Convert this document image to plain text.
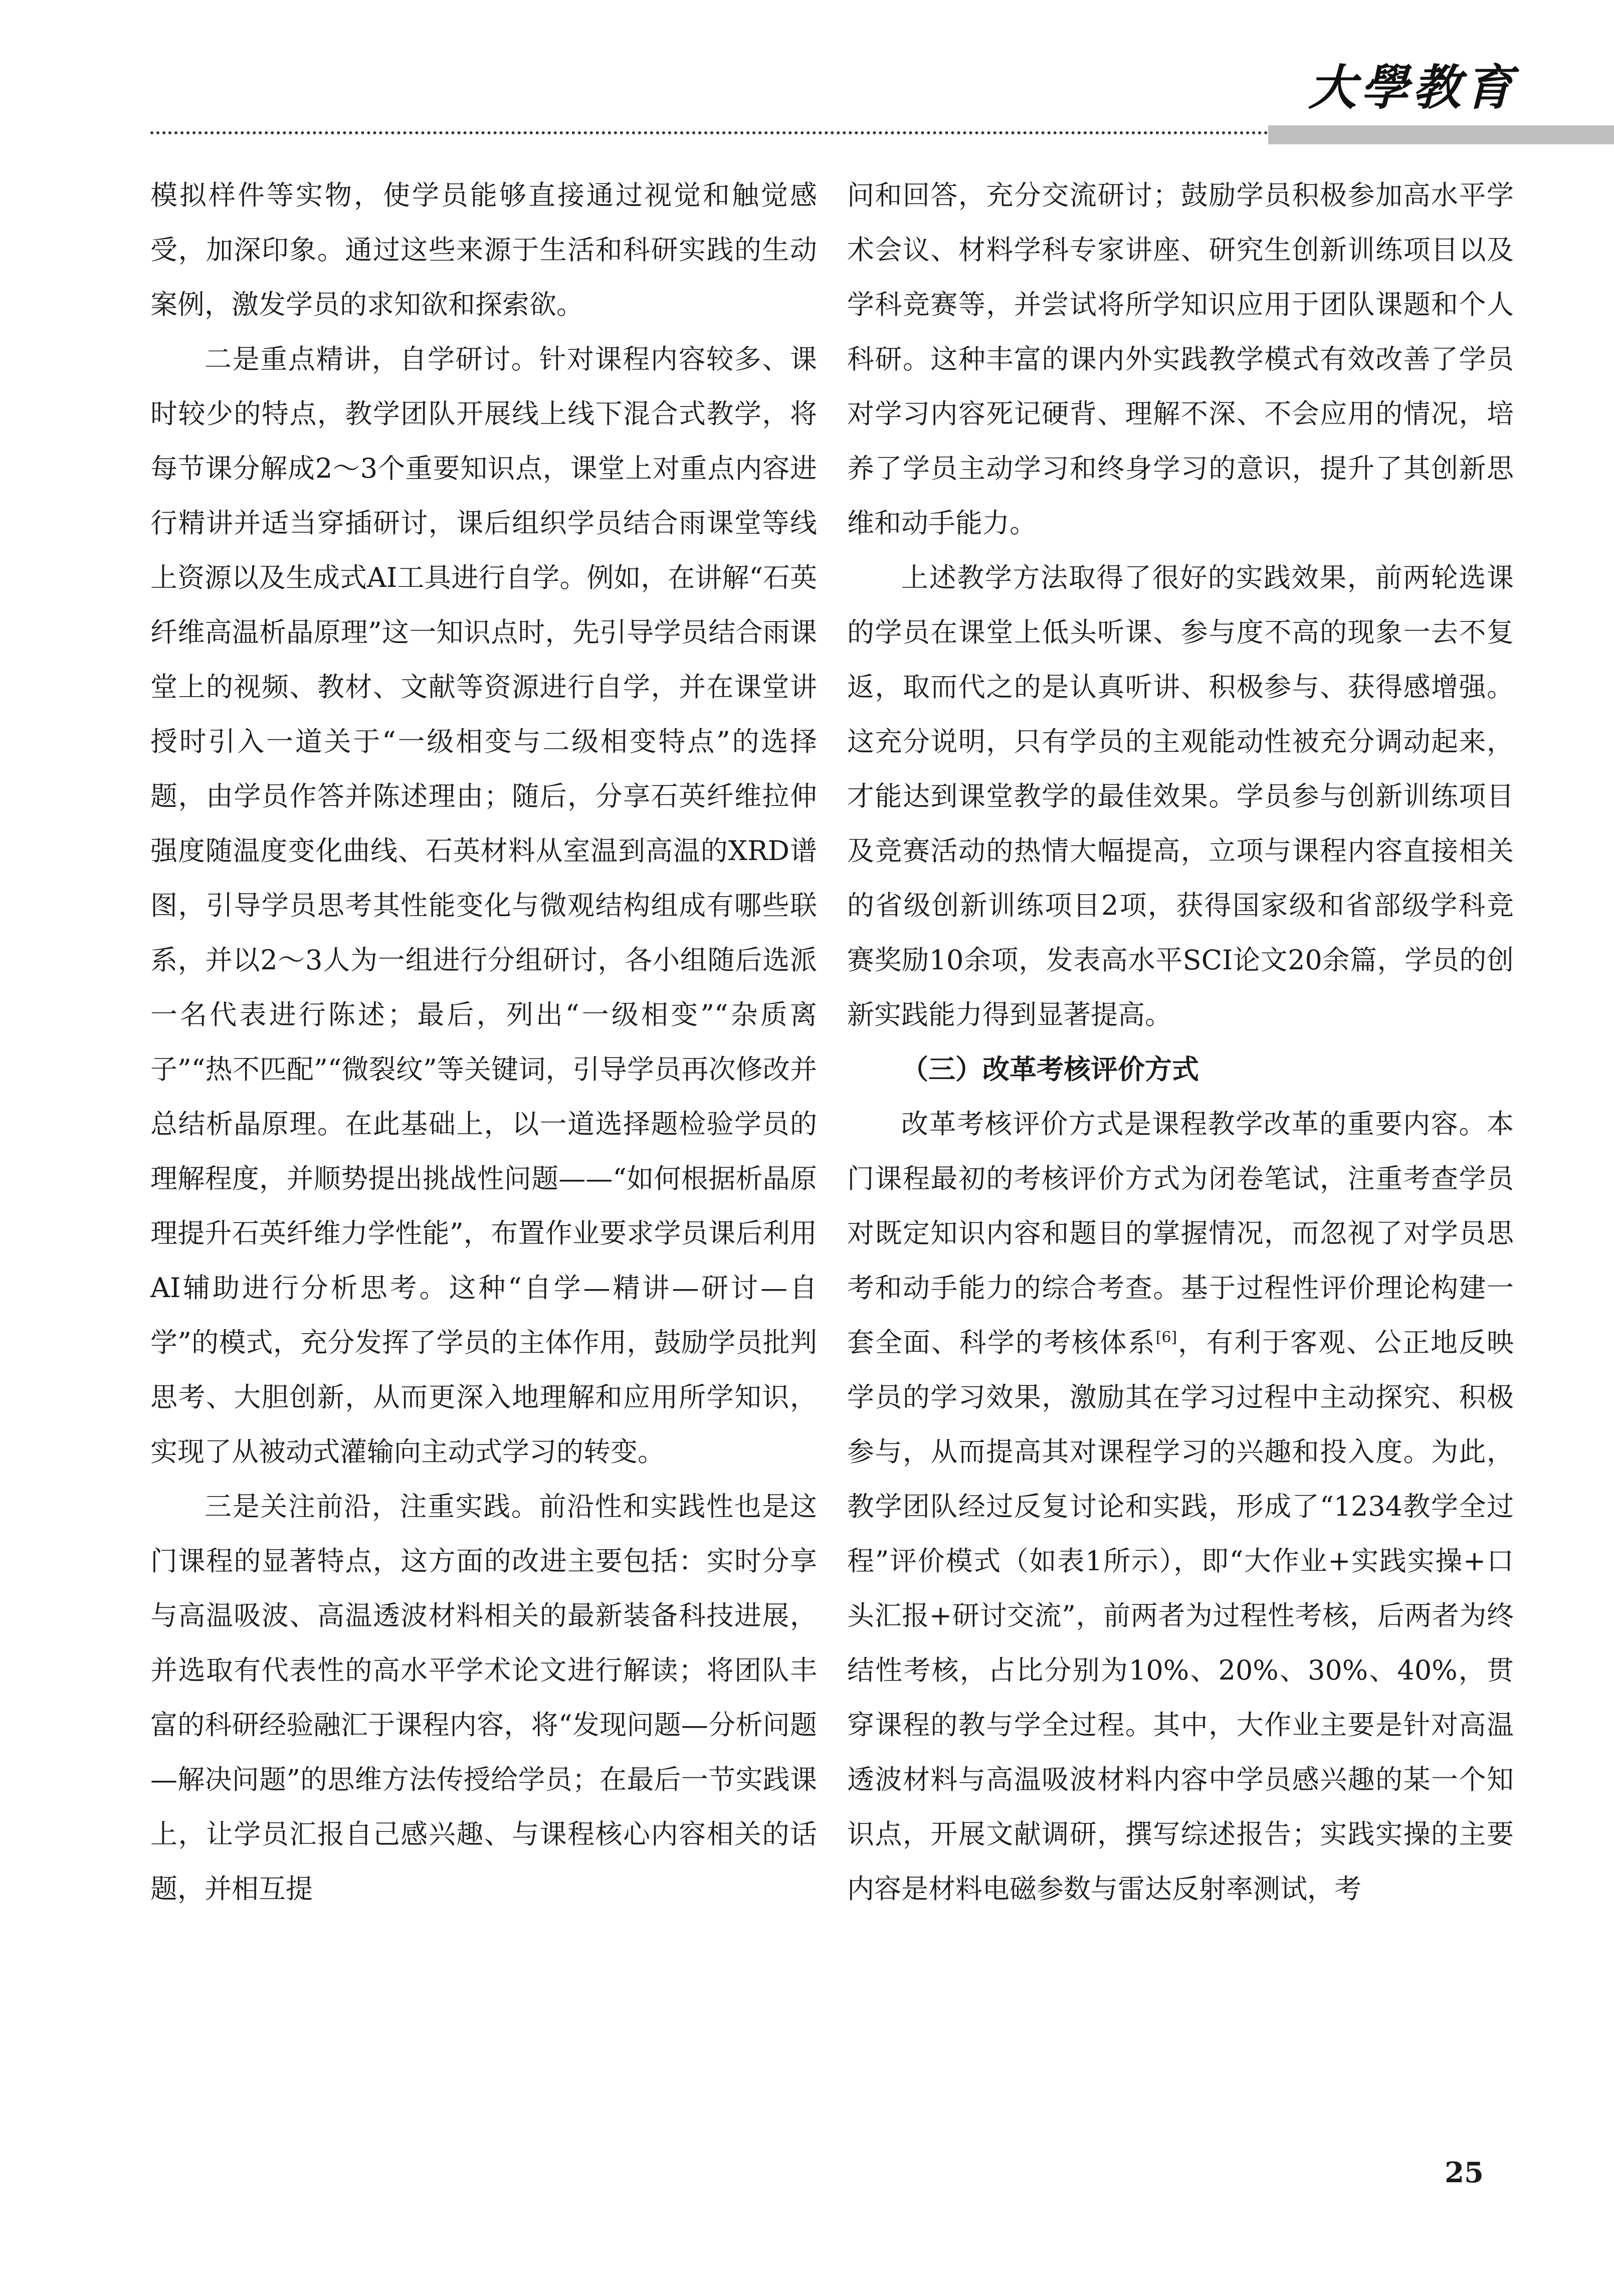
大學教育

模拟样件等实物，使学员能够直接通过视觉和触觉感受，加深印象。通过这些来源于生活和科研实践的生动案例，激发学员的求知欲和探索欲。

二是重点精讲，自学研讨。针对课程内容较多、课时较少的特点，教学团队开展线上线下混合式教学，将每节课分解成2～3个重要知识点，课堂上对重点内容进行精讲并适当穿插研讨，课后组织学员结合雨课堂等线上资源以及生成式AI工具进行自学。例如，在讲解“石英纤维高温析晶原理”这一知识点时，先引导学员结合雨课堂上的视频、教材、文献等资源进行自学，并在课堂讲授时引入一道关于“一级相变与二级相变特点”的选择题，由学员作答并陈述理由；随后，分享石英纤维拉伸强度随温度变化曲线、石英材料从室温到高温的XRD谱图，引导学员思考其性能变化与微观结构组成有哪些联系，并以2～3人为一组进行分组研讨，各小组随后选派一名代表进行陈述；最后，列出“一级相变”“杂质离子”“热不匹配”“微裂纹”等关键词，引导学员再次修改并总结析晶原理。在此基础上，以一道选择题检验学员的理解程度，并顺势提出挑战性问题——“如何根据析晶原理提升石英纤维力学性能”，布置作业要求学员课后利用AI辅助进行分析思考。这种“自学—精讲—研讨—自学”的模式，充分发挥了学员的主体作用，鼓励学员批判思考、大胆创新，从而更深入地理解和应用所学知识，实现了从被动式灌输向主动式学习的转变。

三是关注前沿，注重实践。前沿性和实践性也是这门课程的显著特点，这方面的改进主要包括：实时分享与高温吸波、高温透波材料相关的最新装备科技进展，并选取有代表性的高水平学术论文进行解读；将团队丰富的科研经验融汇于课程内容，将“发现问题—分析问题—解决问题”的思维方法传授给学员；在最后一节实践课上，让学员汇报自己感兴趣、与课程核心内容相关的话题，并相互提

问和回答，充分交流研讨；鼓励学员积极参加高水平学术会议、材料学科专家讲座、研究生创新训练项目以及学科竞赛等，并尝试将所学知识应用于团队课题和个人科研。这种丰富的课内外实践教学模式有效改善了学员对学习内容死记硬背、理解不深、不会应用的情况，培养了学员主动学习和终身学习的意识，提升了其创新思维和动手能力。

上述教学方法取得了很好的实践效果，前两轮选课的学员在课堂上低头听课、参与度不高的现象一去不复返，取而代之的是认真听讲、积极参与、获得感增强。这充分说明，只有学员的主观能动性被充分调动起来，才能达到课堂教学的最佳效果。学员参与创新训练项目及竞赛活动的热情大幅提高，立项与课程内容直接相关的省级创新训练项目2项，获得国家级和省部级学科竞赛奖励10余项，发表高水平SCI论文20余篇，学员的创新实践能力得到显著提高。

（三）改革考核评价方式

改革考核评价方式是课程教学改革的重要内容。本门课程最初的考核评价方式为闭卷笔试，注重考查学员对既定知识内容和题目的掌握情况，而忽视了对学员思考和动手能力的综合考查。基于过程性评价理论构建一套全面、科学的考核体系[6]，有利于客观、公正地反映学员的学习效果，激励其在学习过程中主动探究、积极参与，从而提高其对课程学习的兴趣和投入度。为此，教学团队经过反复讨论和实践，形成了“1234教学全过程”评价模式（如表1所示），即“大作业+实践实操+口头汇报+研讨交流”，前两者为过程性考核，后两者为终结性考核，占比分别为10%、20%、30%、40%，贯穿课程的教与学全过程。其中，大作业主要是针对高温透波材料与高温吸波材料内容中学员感兴趣的某一个知识点，开展文献调研，撰写综述报告；实践实操的主要内容是材料电磁参数与雷达反射率测试，考

25
